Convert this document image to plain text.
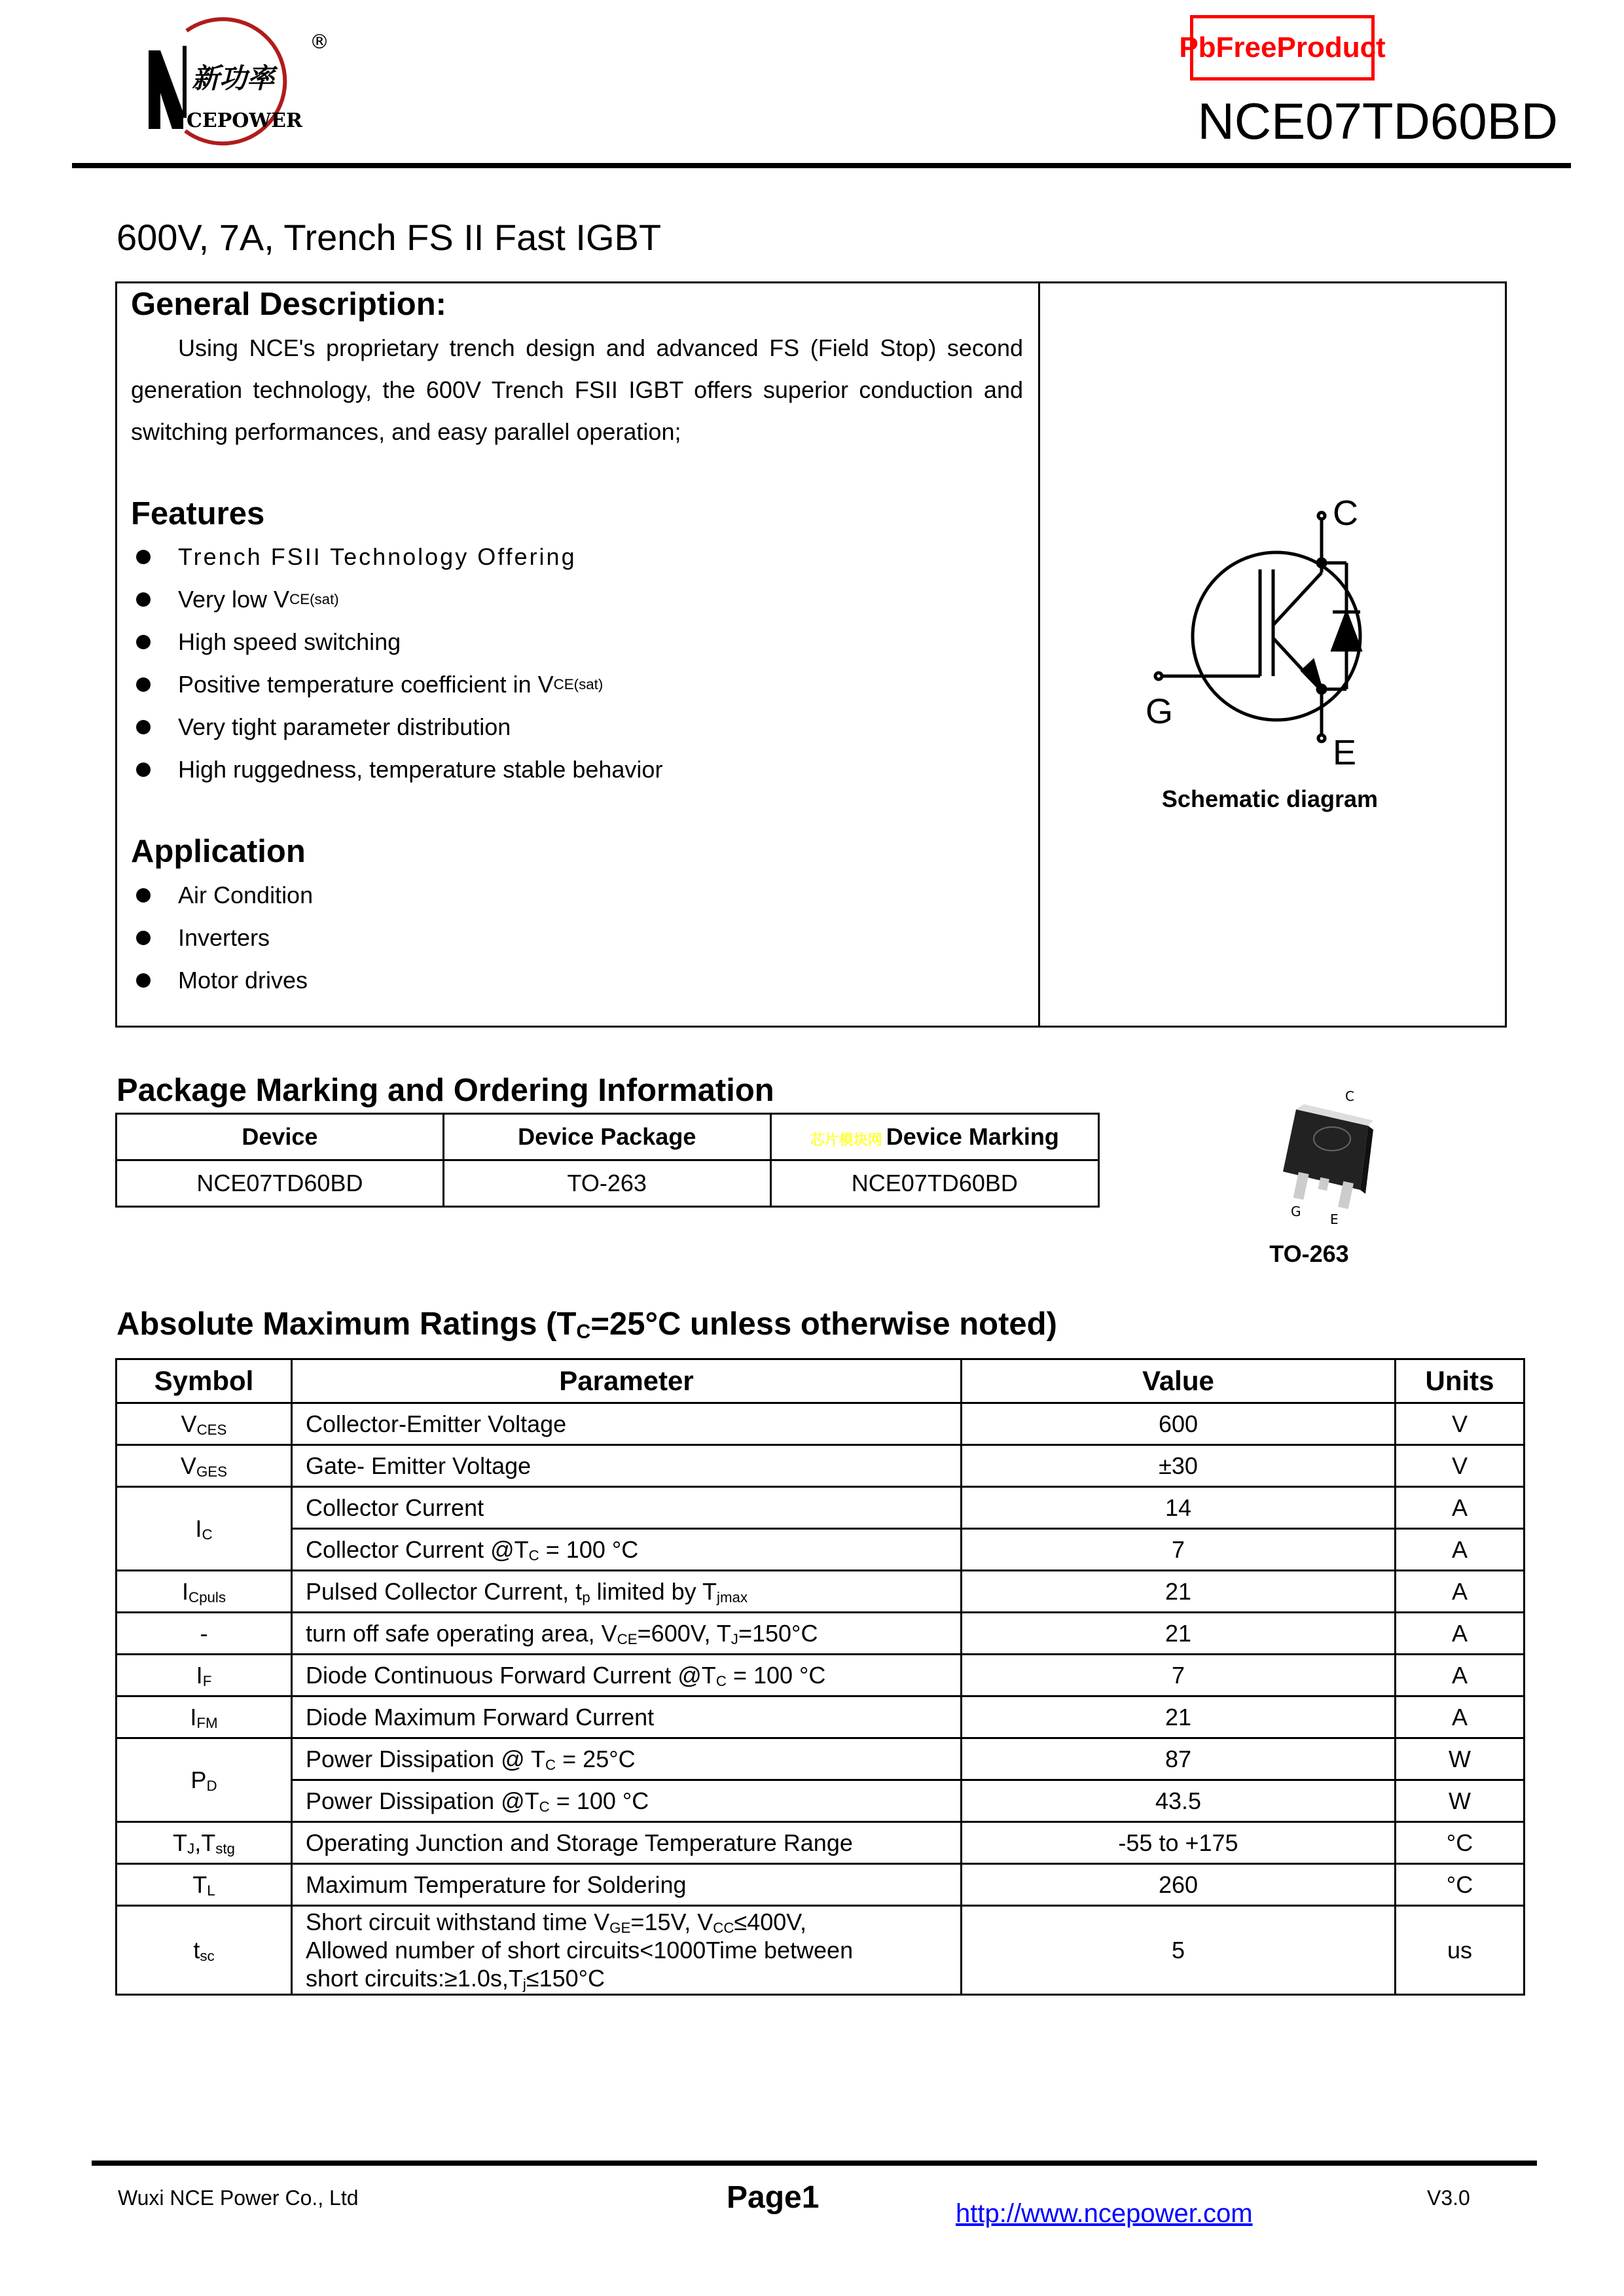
新功率
CEPOWER
®	PbFreeProduct
NCE07TD60BD
600V, 7A, Trench FS II Fast IGBT
General Description:
Using NCE's proprietary trench design and advanced FS (Field Stop) second generation technology, the 600V Trench FSII IGBT offers superior conduction and switching performances, and easy parallel operation;
Features
Trench FSII Technology Offering
Very low V CE(sat)
High speed switching
Positive temperature coefficient in V CE(sat)
Very tight parameter distribution
High ruggedness, temperature stable behavior
Application
Air Condition
Inverters
Motor drives
C
G
E
Schematic diagram
Package Marking and Ordering Information
Device	Device Package	芯片模块网 Device Marking
NCE07TD60BD	TO-263	NCE07TD60BD
C
G E
TO-263
Absolute Maximum Ratings (TC=25°C unless otherwise noted)
Symbol	Parameter	Value	Units
VCES	Collector-Emitter Voltage	600	V
VGES	Gate- Emitter Voltage	±30	V
IC	Collector Current	14	A
	Collector Current @TC = 100 °C	7	A
ICpuls	Pulsed Collector Current, tp limited by Tjmax	21	A
-	turn off safe operating area, VCE=600V, TJ=150°C	21	A
IF	Diode Continuous Forward Current @TC = 100 °C	7	A
IFM	Diode Maximum Forward Current	21	A
PD	Power Dissipation @ TC = 25°C	87	W
	Power Dissipation @TC = 100 °C	43.5	W
TJ,Tstg	Operating Junction and Storage Temperature Range	-55 to +175	°C
TL	Maximum Temperature for Soldering	260	°C
tsc	Short circuit withstand time VGE=15V, VCC≤400V,
Allowed number of short circuits<1000Time between
short circuits:≥1.0s,Tj≤150°C	5	us
Wuxi NCE Power Co., Ltd	Page1	http://www.ncepower.com
V3.0
